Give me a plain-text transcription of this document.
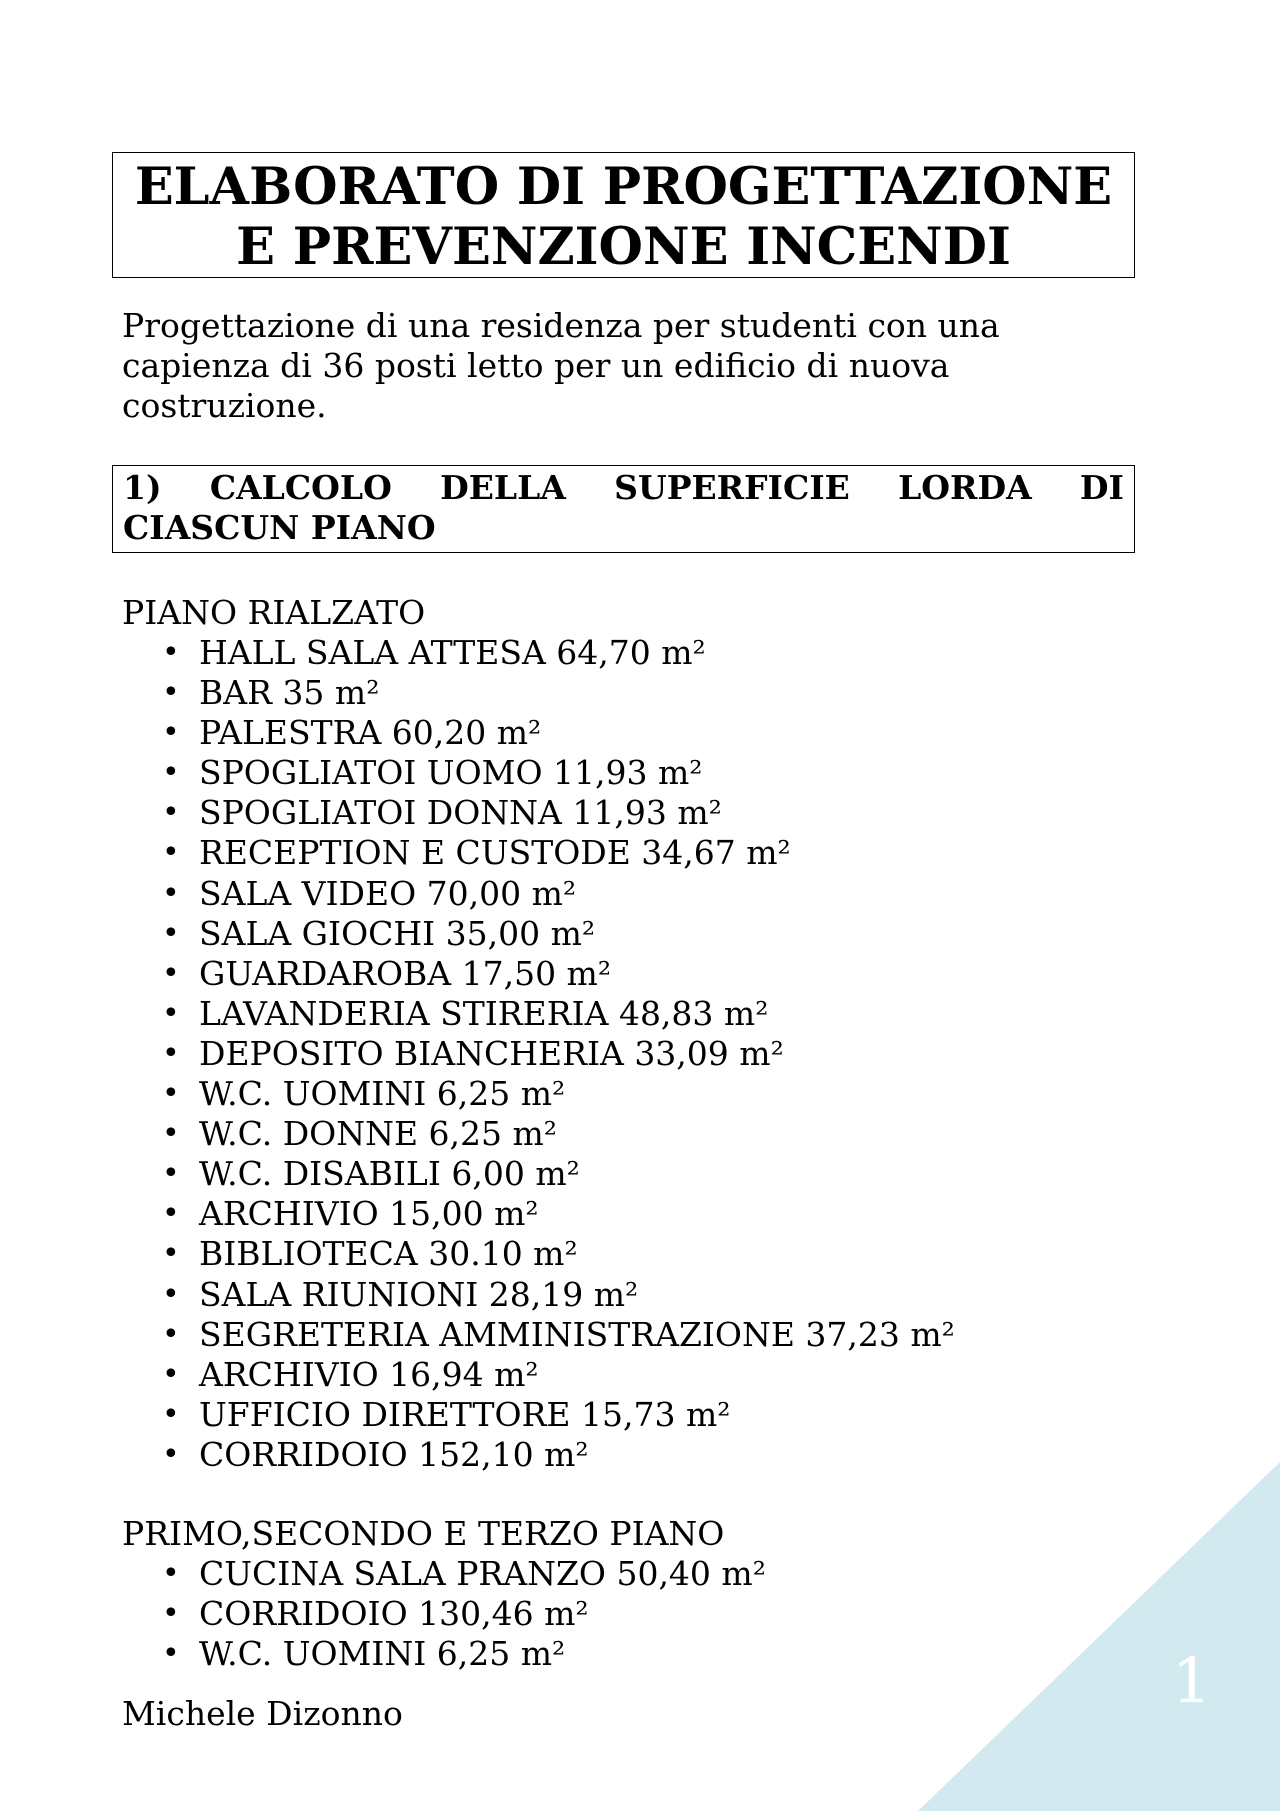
ELABORATO DI PROGETTAZIONE
E PREVENZIONE INCENDI

Progettazione di una residenza per studenti con una capienza di 36 posti letto per un edificio di nuova costruzione.

1) CALCOLO DELLA SUPERFICIE LORDA DI
CIASCUN PIANO
PIANO RIALZATO
• HALL SALA ATTESA 64,70 m²
• BAR 35 m²
• PALESTRA 60,20 m²
• SPOGLIATOI UOMO 11,93 m²
• SPOGLIATOI DONNA 11,93 m²
• RECEPTION E CUSTODE 34,67 m²
• SALA VIDEO 70,00 m²
• SALA GIOCHI 35,00 m²
• GUARDAROBA 17,50 m²
• LAVANDERIA STIRERIA 48,83 m²
• DEPOSITO BIANCHERIA 33,09 m²
• W.C. UOMINI 6,25 m²
• W.C. DONNE 6,25 m²
• W.C. DISABILI 6,00 m²
• ARCHIVIO 15,00 m²
• BIBLIOTECA 30.10 m²
• SALA RIUNIONI 28,19 m²
• SEGRETERIA AMMINISTRAZIONE 37,23 m²
• ARCHIVIO 16,94 m²
• UFFICIO DIRETTORE 15,73 m²
• CORRIDOIO 152,10 m²
PRIMO,SECONDO E TERZO PIANO
• CUCINA SALA PRANZO 50,40 m²
• CORRIDOIO 130,46 m²
• W.C. UOMINI 6,25 m²
Michele Dizonno	1
